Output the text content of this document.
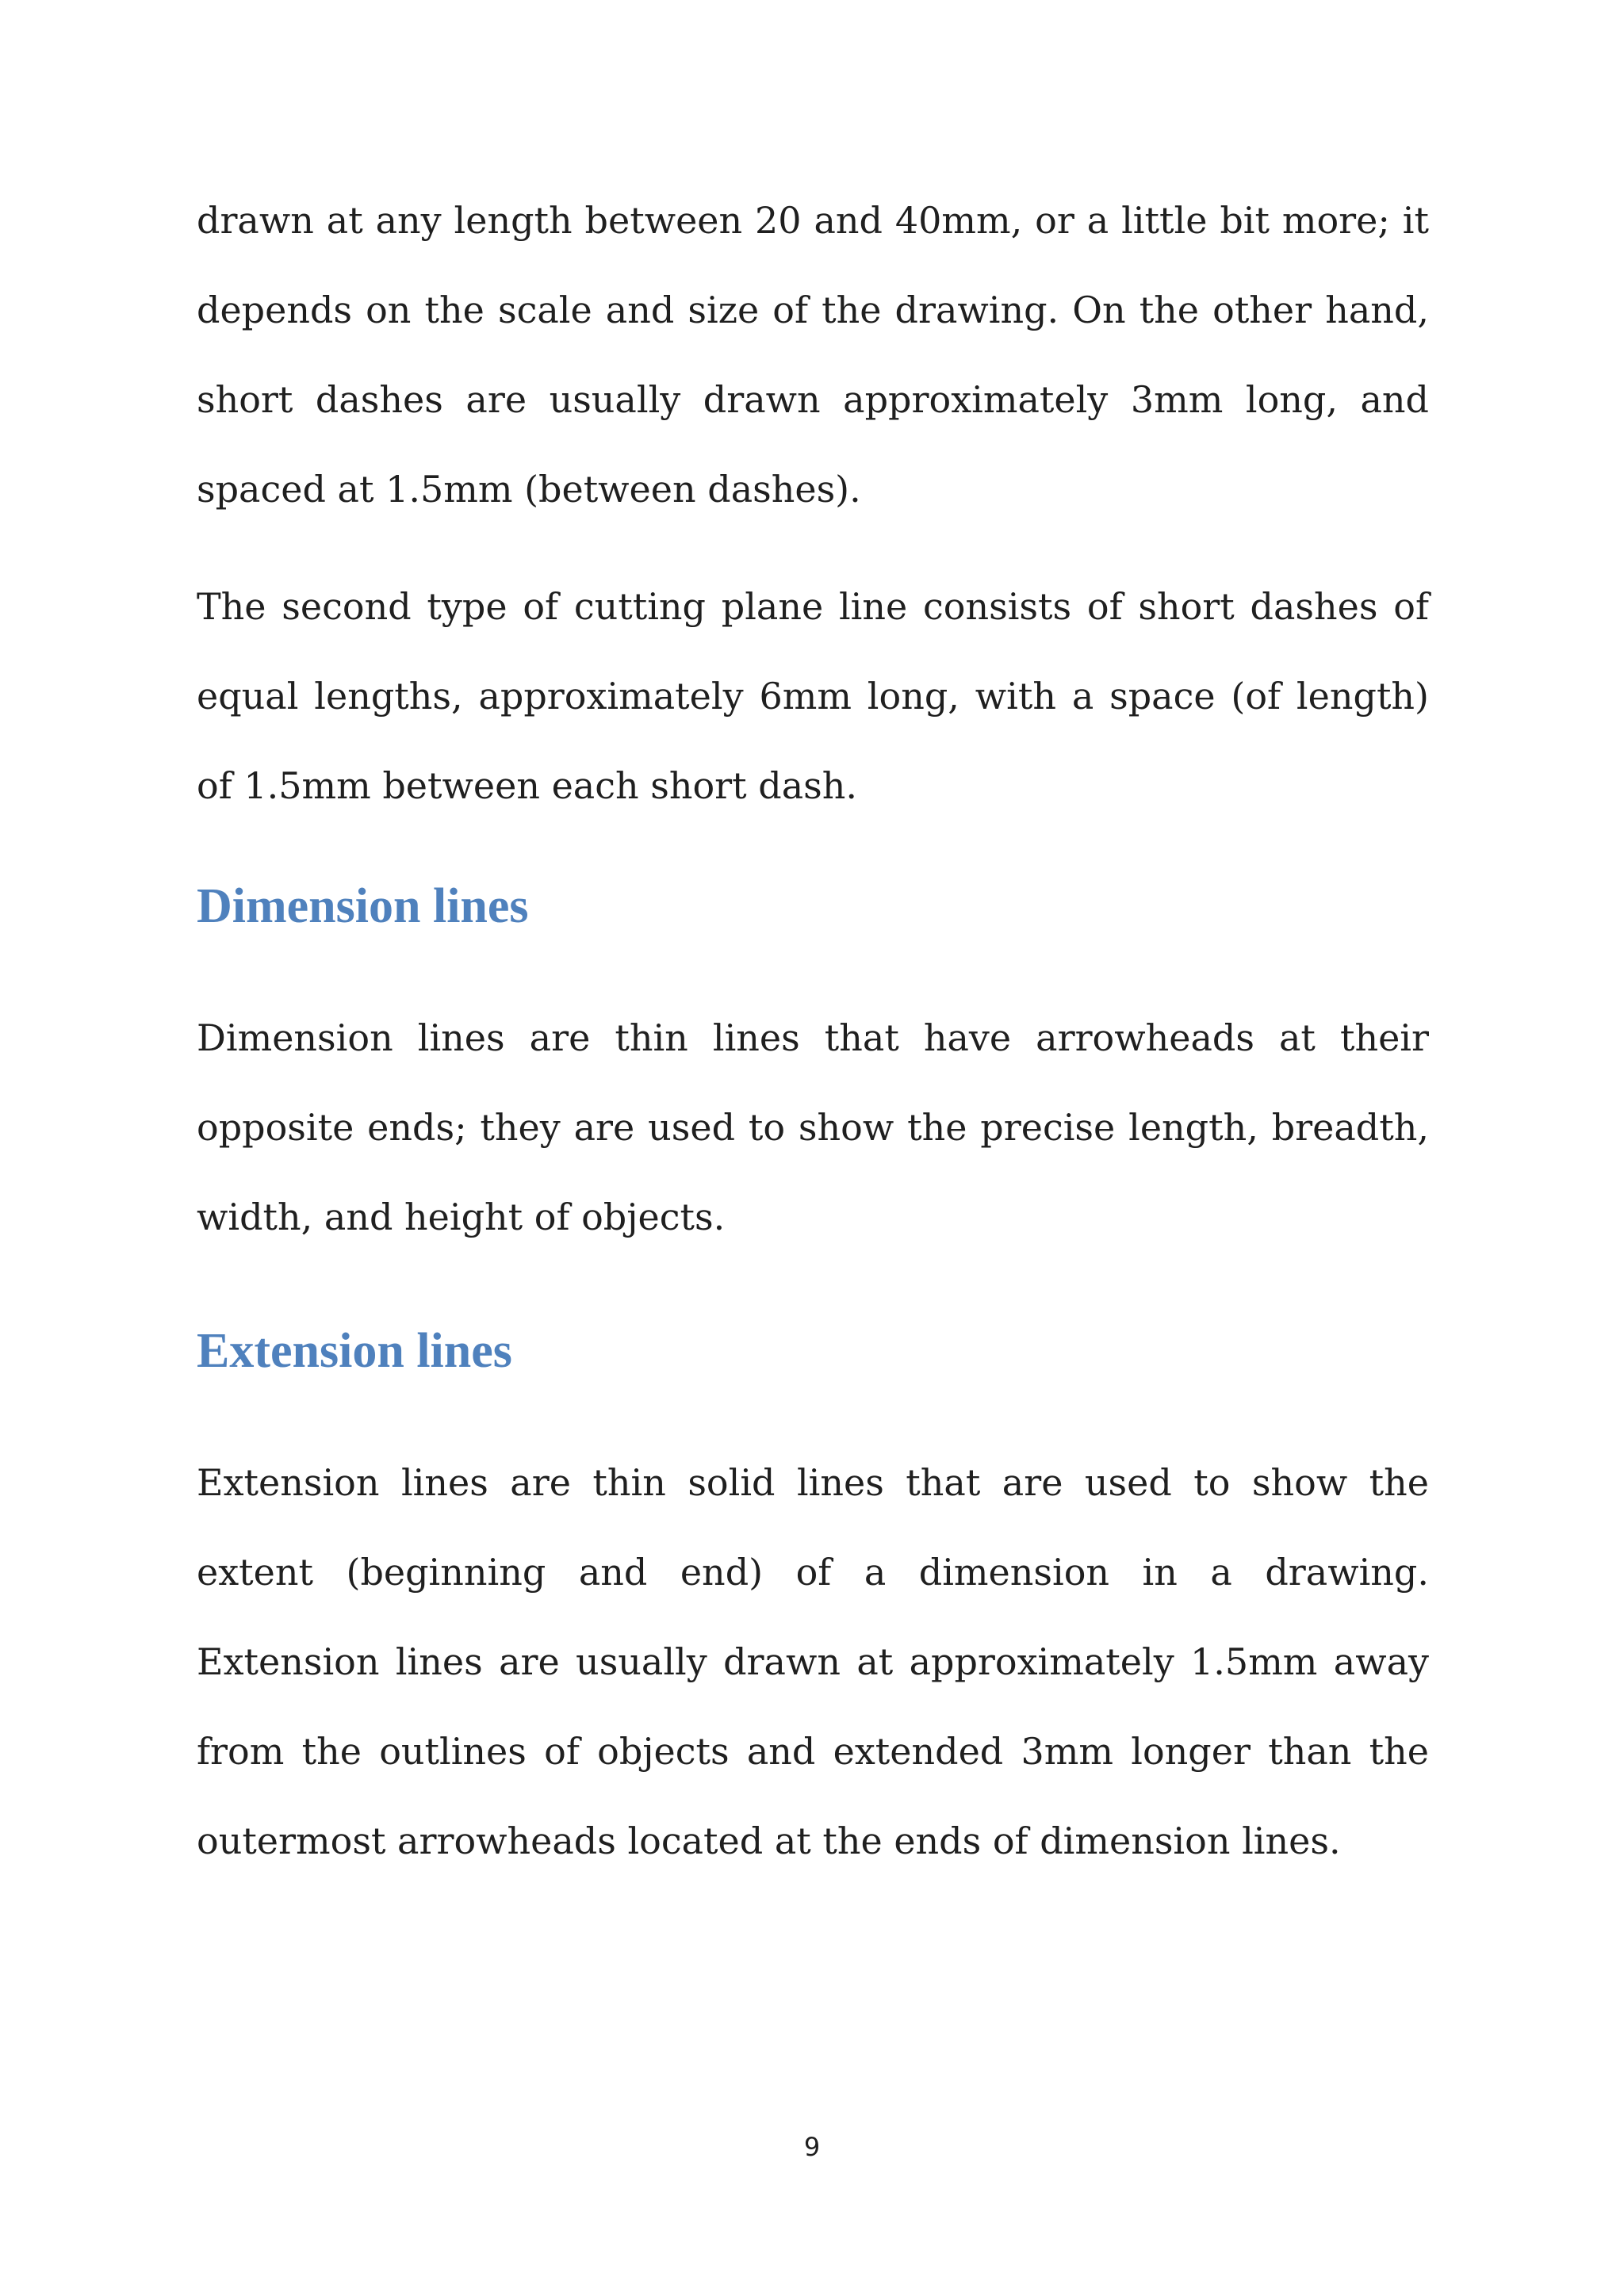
drawn at any length between 20 and 40mm, or a little bit more; it depends on the scale and size of the drawing. On the other hand, short dashes are usually drawn approximately 3mm long, and spaced at 1.5mm (between dashes).

The second type of cutting plane line consists of short dashes of equal lengths, approximately 6mm long, with a space (of length) of 1.5mm between each short dash.

Dimension lines

Dimension lines are thin lines that have arrowheads at their opposite ends; they are used to show the precise length, breadth, width, and height of objects.

Extension lines

Extension lines are thin solid lines that are used to show the extent (beginning and end) of a dimension in a drawing. Extension lines are usually drawn at approximately 1.5mm away from the outlines of objects and extended 3mm longer than the outermost arrowheads located at the ends of dimension lines.

9
